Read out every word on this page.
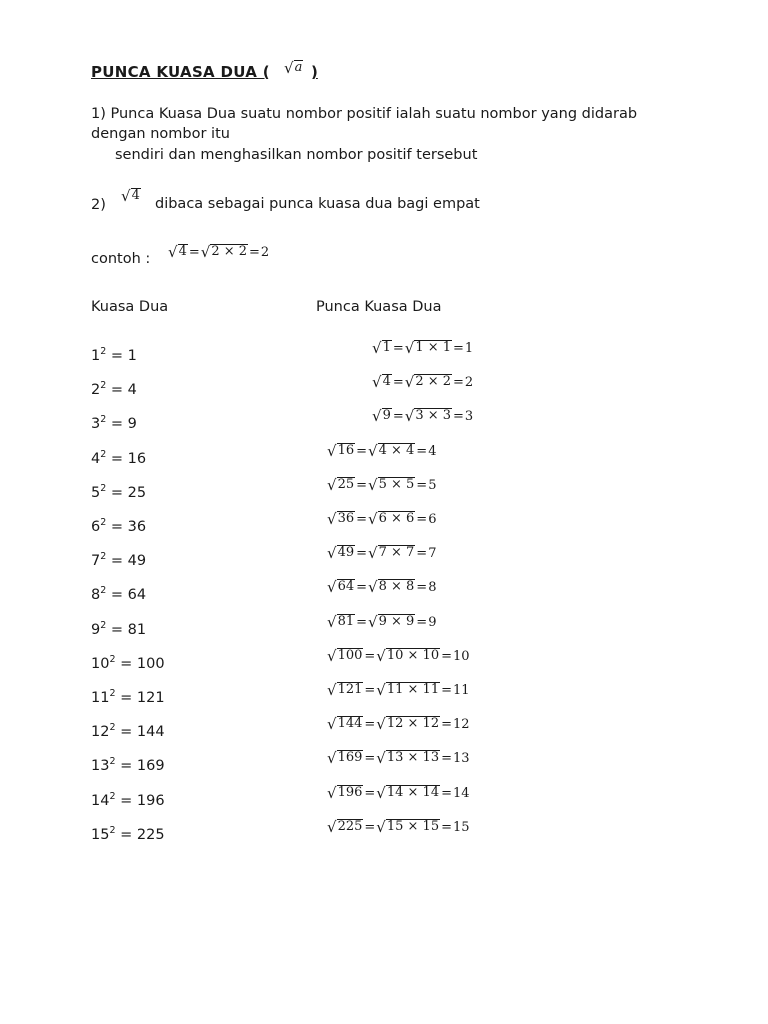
PUNCA KUASA DUA ( √ a )
1) Punca Kuasa Dua suatu nombor positif ialah suatu nombor yang didarab
dengan nombor itu
sendiri dan menghasilkan nombor positif tersebut
2)
√ 4
dibaca sebagai punca kuasa dua bagi empat
contoh : √ 4 = √ 2 × 2 = 2
Kuasa Dua	Punca Kuasa Dua
$1^2 = 1$	√ 1 = √ 1 × 1 = 1
$2^2 = 4$	√ 4 = √ 2 × 2 = 2
$3^2 = 9$	√ 9 = √ 3 × 3 = 3
$4^2 = 16$	√ 16 = √ 4 × 4 = 4
$5^2 = 25$	√ 25 = √ 5 × 5 = 5
$6^2 = 36$	√ 36 = √ 6 × 6 = 6
$7^2 = 49$	√ 49 = √ 7 × 7 = 7
$8^2 = 64$	√ 64 = √ 8 × 8 = 8
$9^2 = 81$	√ 81 = √ 9 × 9 = 9
$10^2 = 100$	√ 100 = √ 10 × 10 = 10
$11^2 = 121$	√ 121 = √ 11 × 11 = 11
$12^2 = 144$	√ 144 = √ 12 × 12 = 12
$13^2 = 169$	√ 169 = √ 13 × 13 = 13
$14^2 = 196$	√ 196 = √ 14 × 14 = 14
$15^2 = 225$	√ 225 = √ 15 × 15 = 15
